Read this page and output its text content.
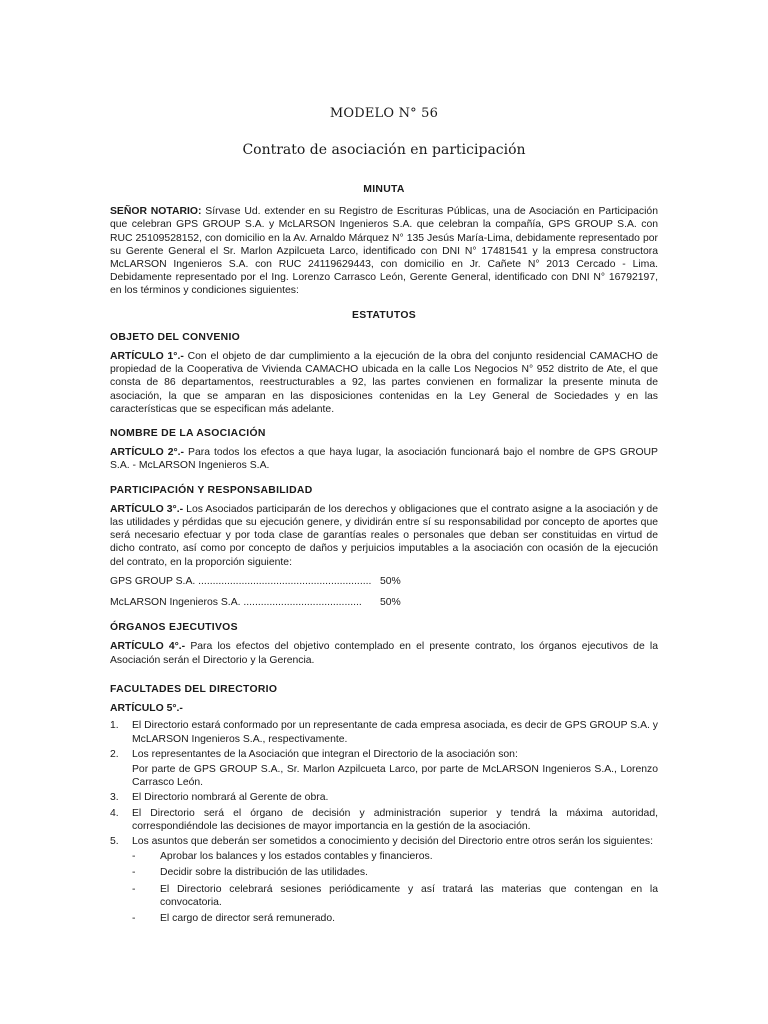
MODELO N° 56
Contrato de asociación en participación
MINUTA

SEÑOR NOTARIO: Sírvase Ud. extender en su Registro de Escrituras Públicas, una de Asociación en Participación que celebran GPS GROUP S.A. y McLARSON Ingenieros S.A. que celebran la compañía, GPS GROUP S.A. con RUC 25109528152, con domicilio en la Av. Arnaldo Márquez N° 135 Jesús María-Lima, debidamente representado por su Gerente General el Sr. Marlon Azpilcueta Larco, identificado con DNI N° 17481541 y la empresa constructora McLARSON Ingenieros S.A. con RUC 24119629443, con domicilio en Jr. Cañete N° 2013 Cercado - Lima. Debidamente representado por el Ing. Lorenzo Carrasco León, Gerente General, identificado con DNI N° 16792197, en los términos y condiciones siguientes:

ESTATUTOS
OBJETO DEL CONVENIO

ARTÍCULO 1°.- Con el objeto de dar cumplimiento a la ejecución de la obra del conjunto residencial CAMACHO de propiedad de la Cooperativa de Vivienda CAMACHO ubicada en la calle Los Negocios N° 952 distrito de Ate, el que consta de 86 departamentos, reestructurables a 92, las partes convienen en formalizar la presente minuta de asociación, la que se amparan en las disposiciones contenidas en la Ley General de Sociedades y en las características que se especifican más adelante.

NOMBRE DE LA ASOCIACIÓN

ARTÍCULO 2°.- Para todos los efectos a que haya lugar, la asociación funcionará bajo el nombre de GPS GROUP S.A. - McLARSON Ingenieros S.A.

PARTICIPACIÓN Y RESPONSABILIDAD

ARTÍCULO 3°.- Los Asociados participarán de los derechos y obligaciones que el contrato asigne a la asociación y de las utilidades y pérdidas que su ejecución genere, y dividirán entre sí su responsabilidad por concepto de aportes que será necesario efectuar y por toda clase de garantías reales o personales que deban ser constituidas en virtud de dicho contrato, así como por concepto de daños y perjuicios imputables a la asociación con ocasión de la ejecución del contrato, en la proporción siguiente:

GPS GROUP S.A. ............................................................ 50%
McLARSON Ingenieros S.A. .........................................	50%
ÓRGANOS EJECUTIVOS

ARTÍCULO 4°.- Para los efectos del objetivo contemplado en el presente contrato, los órganos ejecutivos de la Asociación serán el Directorio y la Gerencia.

FACULTADES DEL DIRECTORIO
ARTÍCULO 5°.-
1.	El Directorio estará conformado por un representante de cada empresa asociada, es decir de GPS GROUP S.A. y McLARSON Ingenieros S.A., respectivamente.
2.	Los representantes de la Asociación que integran el Directorio de la asociación son:
Por parte de GPS GROUP S.A., Sr. Marlon Azpilcueta Larco, por parte de McLARSON Ingenieros S.A., Lorenzo Carrasco León.
3.	El Directorio nombrará al Gerente de obra.
4.	El Directorio será el órgano de decisión y administración superior y tendrá la máxima autoridad, correspondiéndole las decisiones de mayor importancia en la gestión de la asociación.
5.	Los asuntos que deberán ser sometidos a conocimiento y decisión del Directorio entre otros serán los siguientes:
-	Aprobar los balances y los estados contables y financieros.
-	Decidir sobre la distribución de las utilidades.
-	El Directorio celebrará sesiones periódicamente y así tratará las materias que contengan en la convocatoria.
-	El cargo de director será remunerado.
